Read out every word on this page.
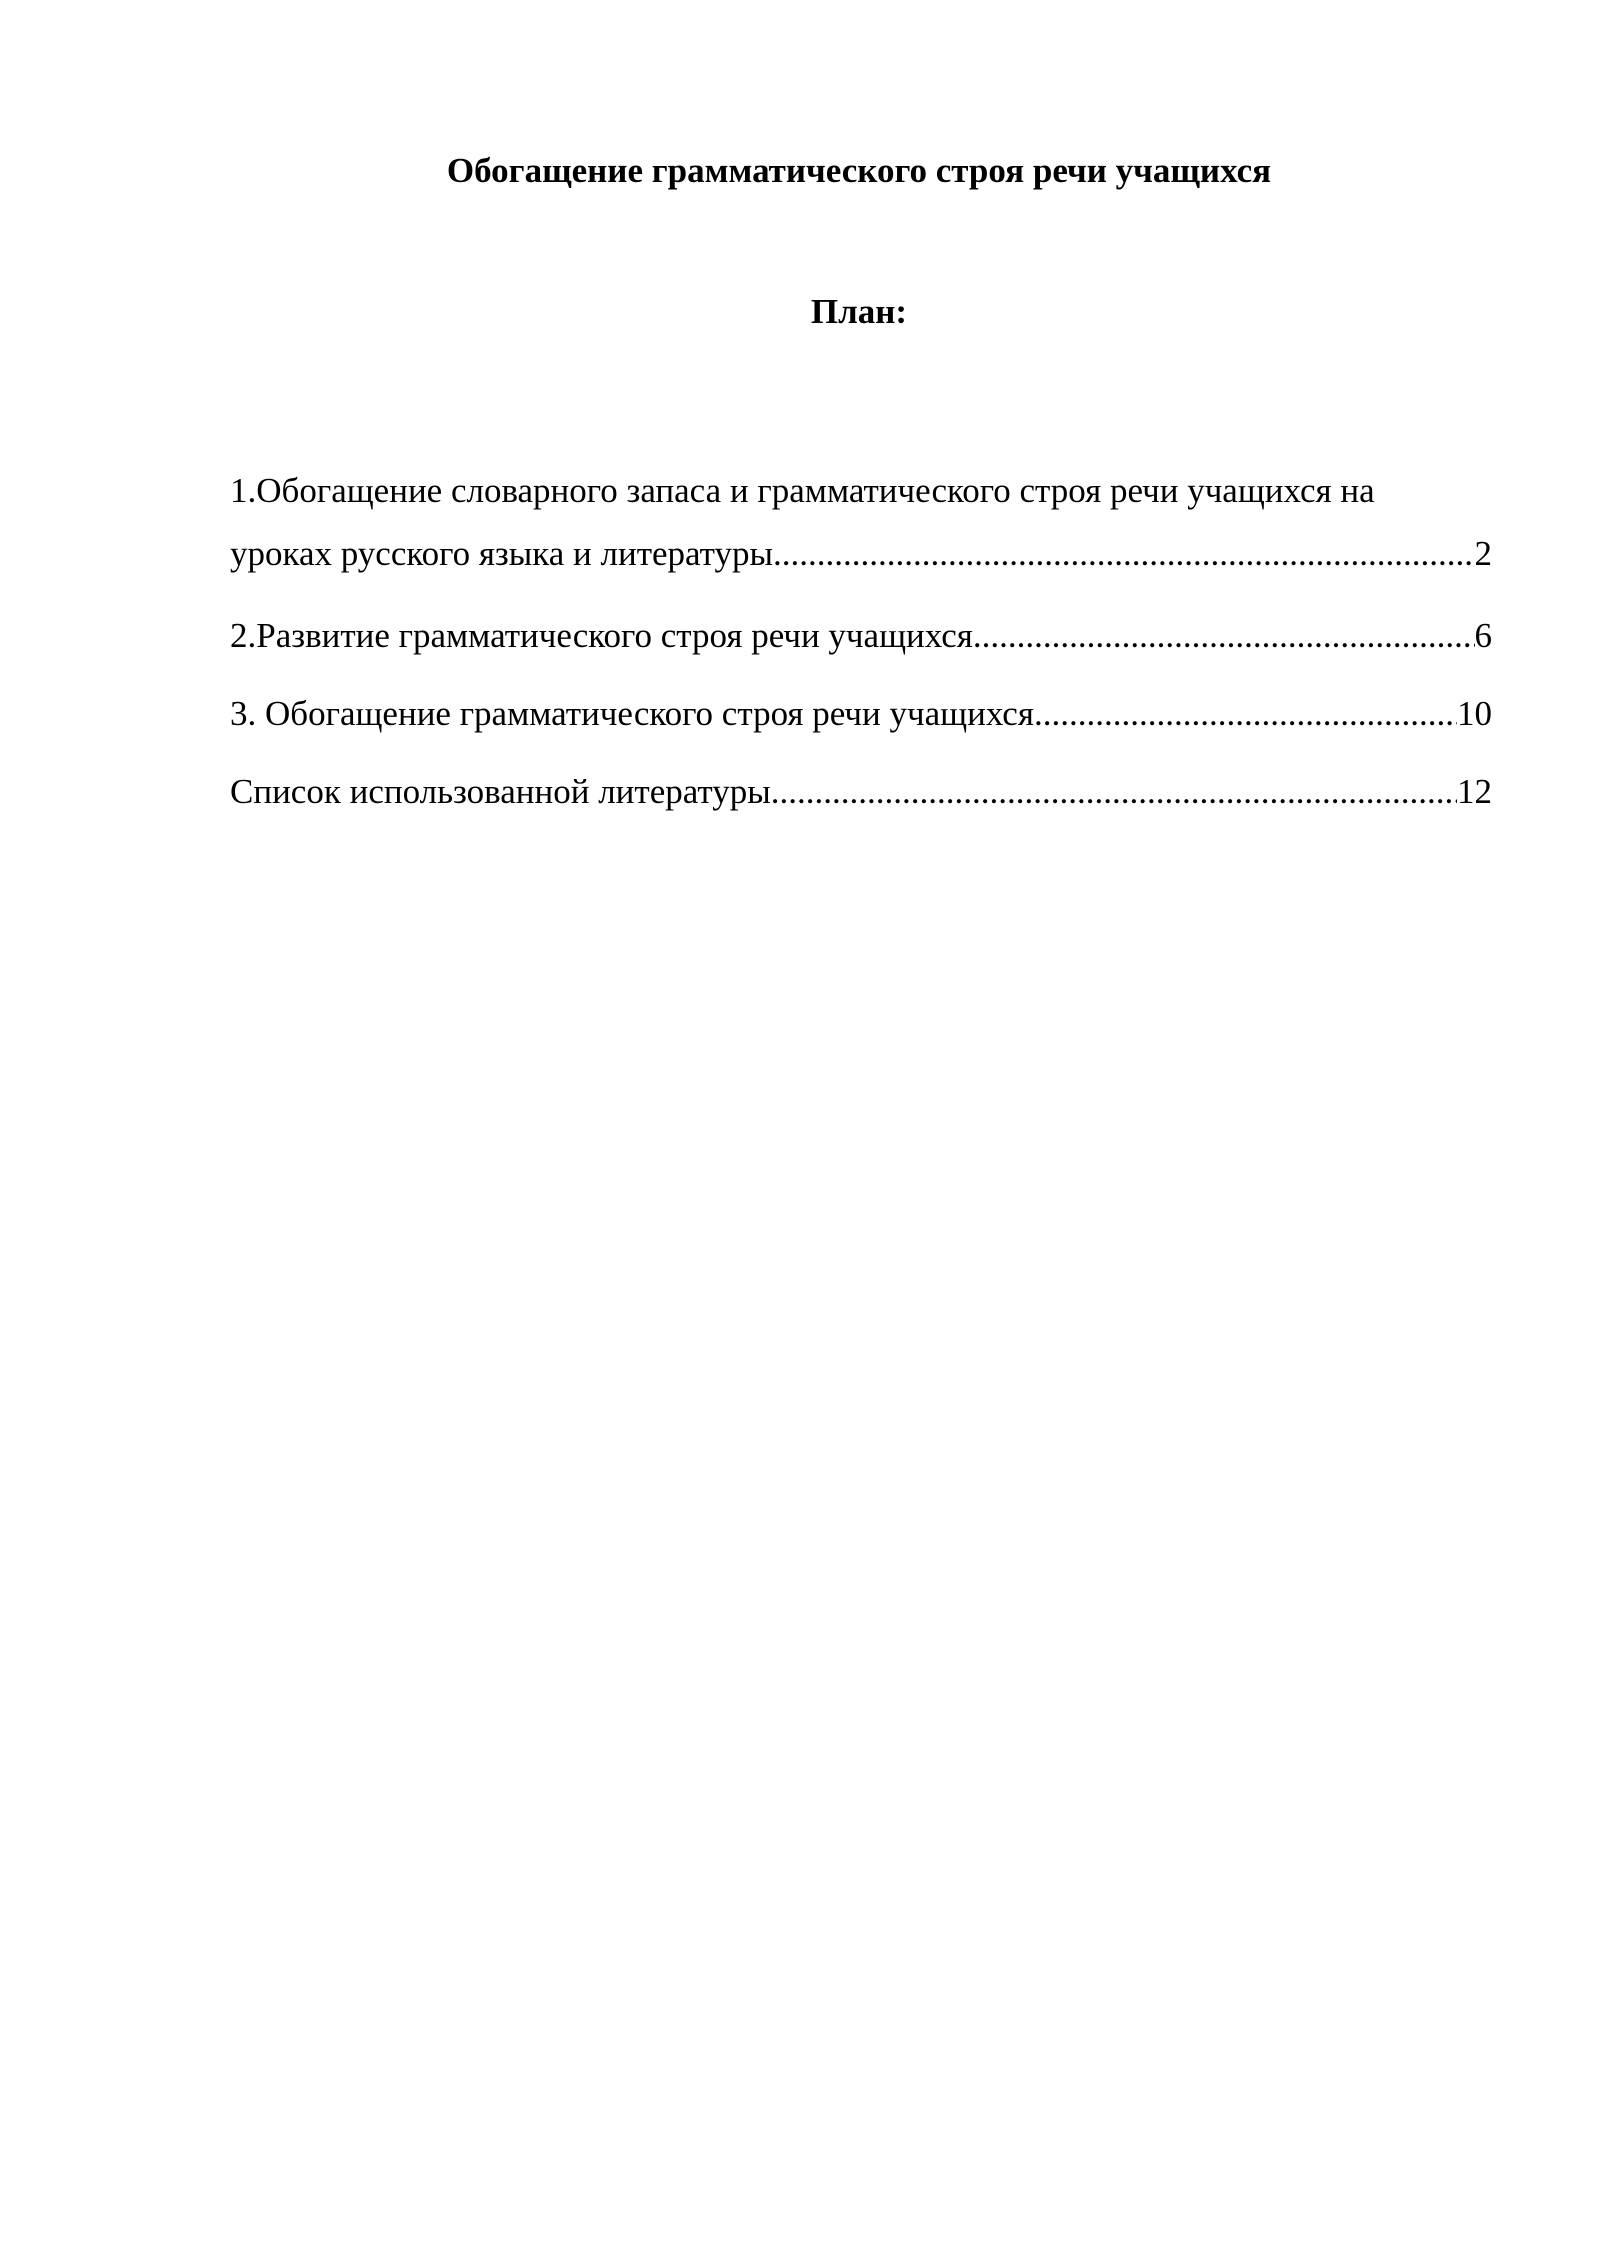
Обогащение грамматического строя речи учащихся
План:
1.Обогащение словарного запаса и грамматического строя речи учащихся на
уроках русского языка и литературы .....	2
2.Развитие грамматического строя речи учащихся .....	6
3. Обогащение грамматического строя речи учащихся .....	10
Список использованной литературы .....	12
